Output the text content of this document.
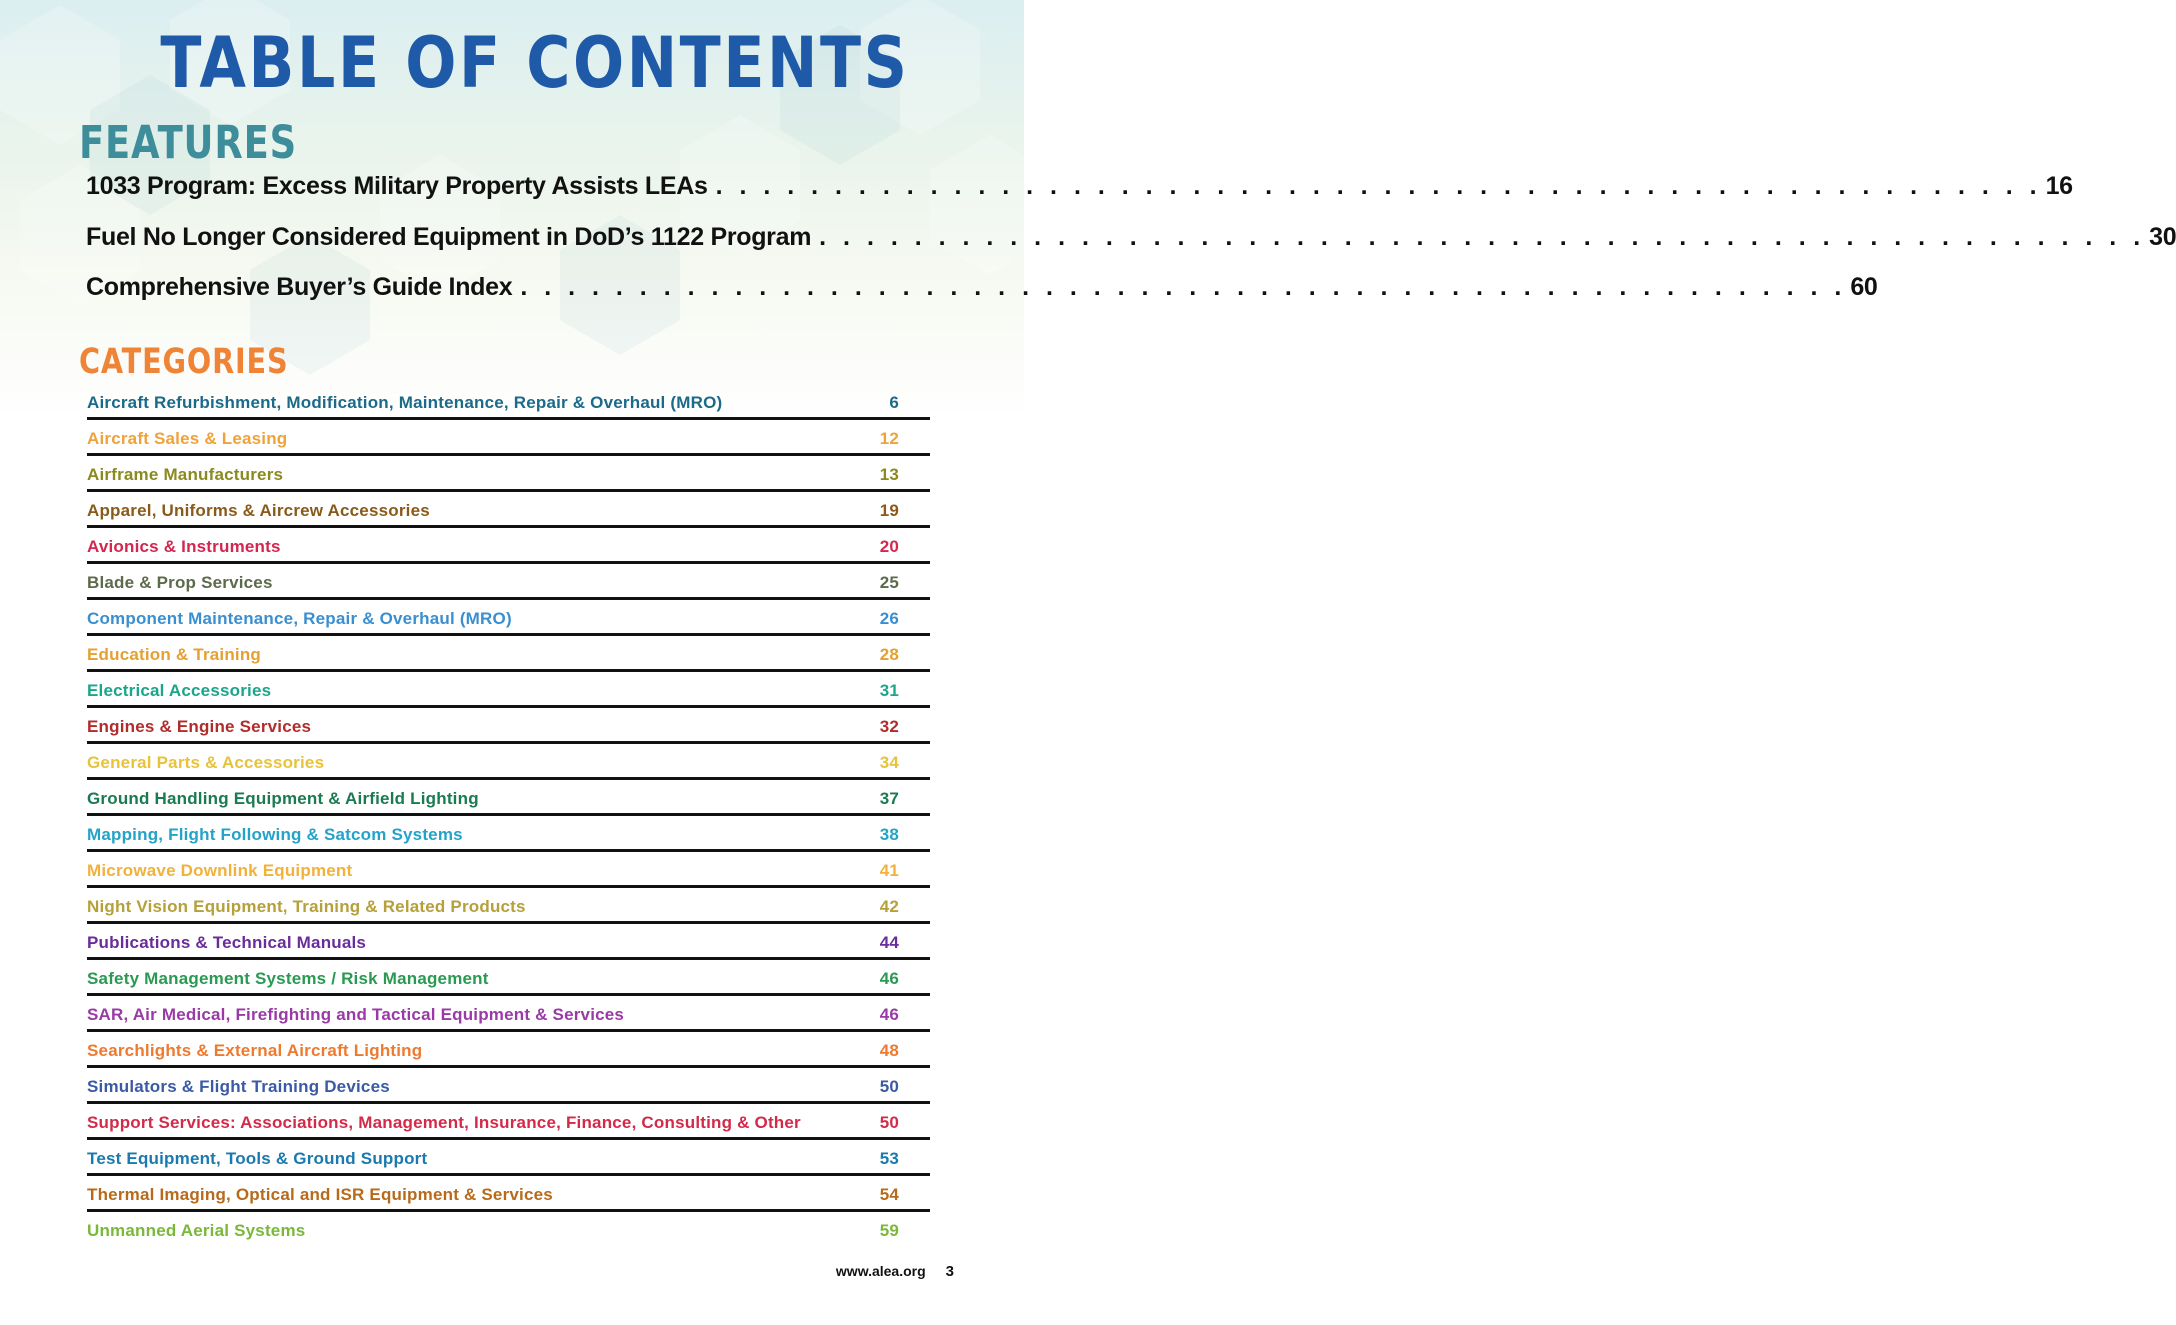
TABLE OF CONTENTS
FEATURES
1033 Program: Excess Military Property Assists LEAs . . . . . . . . . . . . . . . . . . . . . . . . . . . . . . . . . . . . . . . . . . . . . . . . . . . . . . . . 16
Fuel No Longer Considered Equipment in DoD’s 1122 Program . . . . . . . . . . . . . . . . . . . . . . . . . . . . . . . . . . . . . . . . . . . . . . . . . . . . . . . . 30
Comprehensive Buyer’s Guide Index . . . . . . . . . . . . . . . . . . . . . . . . . . . . . . . . . . . . . . . . . . . . . . . . . . . . . . . . 60
CATEGORIES
Aircraft Refurbishment, Modification, Maintenance, Repair & Overhaul (MRO)	6
Aircraft Sales & Leasing	12
Airframe Manufacturers	13
Apparel, Uniforms & Aircrew Accessories	19
Avionics & Instruments	20
Blade & Prop Services	25
Component Maintenance, Repair & Overhaul (MRO)	26
Education & Training	28
Electrical Accessories	31
Engines & Engine Services	32
General Parts & Accessories	34
Ground Handling Equipment & Airfield Lighting	37
Mapping, Flight Following & Satcom Systems	38
Microwave Downlink Equipment	41
Night Vision Equipment, Training & Related Products	42
Publications & Technical Manuals	44
Safety Management Systems / Risk Management	46
SAR, Air Medical, Firefighting and Tactical Equipment & Services	46
Searchlights & External Aircraft Lighting	48
Simulators & Flight Training Devices	50
Support Services: Associations, Management, Insurance, Finance, Consulting & Other	50
Test Equipment, Tools & Ground Support	53
Thermal Imaging, Optical and ISR Equipment & Services	54
Unmanned Aerial Systems	59
www.alea.org 3
